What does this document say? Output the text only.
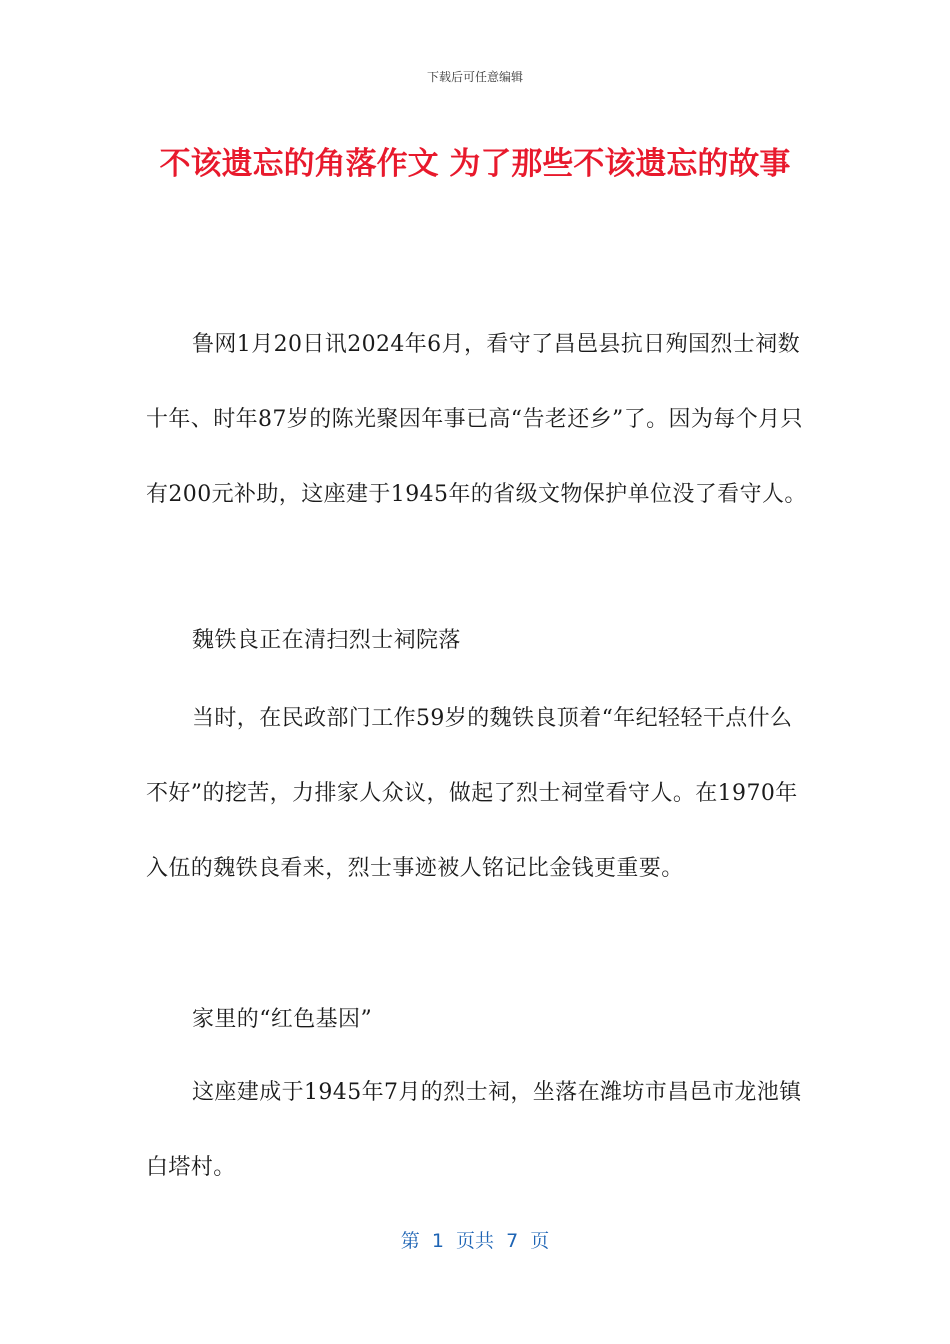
下载后可任意编辑
不该遗忘的角落作文 为了那些不该遗忘的故事

鲁网1月20日讯2024年6月，看守了昌邑县抗日殉国烈士祠数十年、时年87岁的陈光聚因年事已高“告老还乡”了。因为每个月只有200元补助，这座建于1945年的省级文物保护单位没了看守人。

魏铁良正在清扫烈士祠院落

当时，在民政部门工作59岁的魏铁良顶着“年纪轻轻干点什么不好”的挖苦，力排家人众议，做起了烈士祠堂看守人。在1970年入伍的魏铁良看来，烈士事迹被人铭记比金钱更重要。

家里的“红色基因”

这座建成于1945年7月的烈士祠，坐落在潍坊市昌邑市龙池镇白塔村。

第  1  页共  7  页
